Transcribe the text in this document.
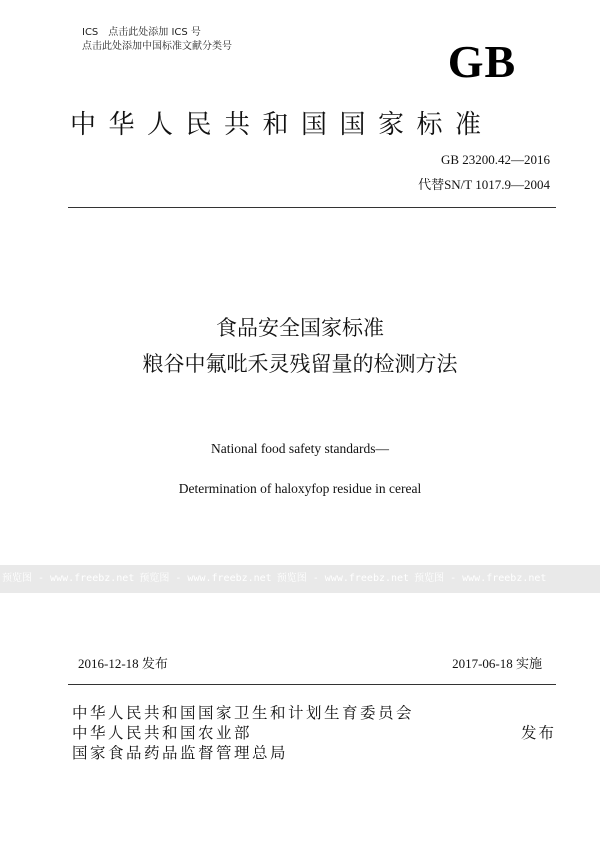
ICS　点击此处添加 ICS 号
点击此处添加中国标准文献分类号	GB
中华人民共和国国家标准
GB 23200.42—2016
代替SN/T 1017.9—2004
食品安全国家标准
粮谷中氟吡禾灵残留量的检测方法
National food safety standards—
Determination of haloxyfop residue in cereal
预览图 - www.freebz.net 预览图 - www.freebz.net 预览图 - www.freebz.net 预览图 - www.freebz.net
2016-12-18 发布	2017-06-18 实施
中华人民共和国国家卫生和计划生育委员会
中华人民共和国农业部
国家食品药品监督管理总局
发布
